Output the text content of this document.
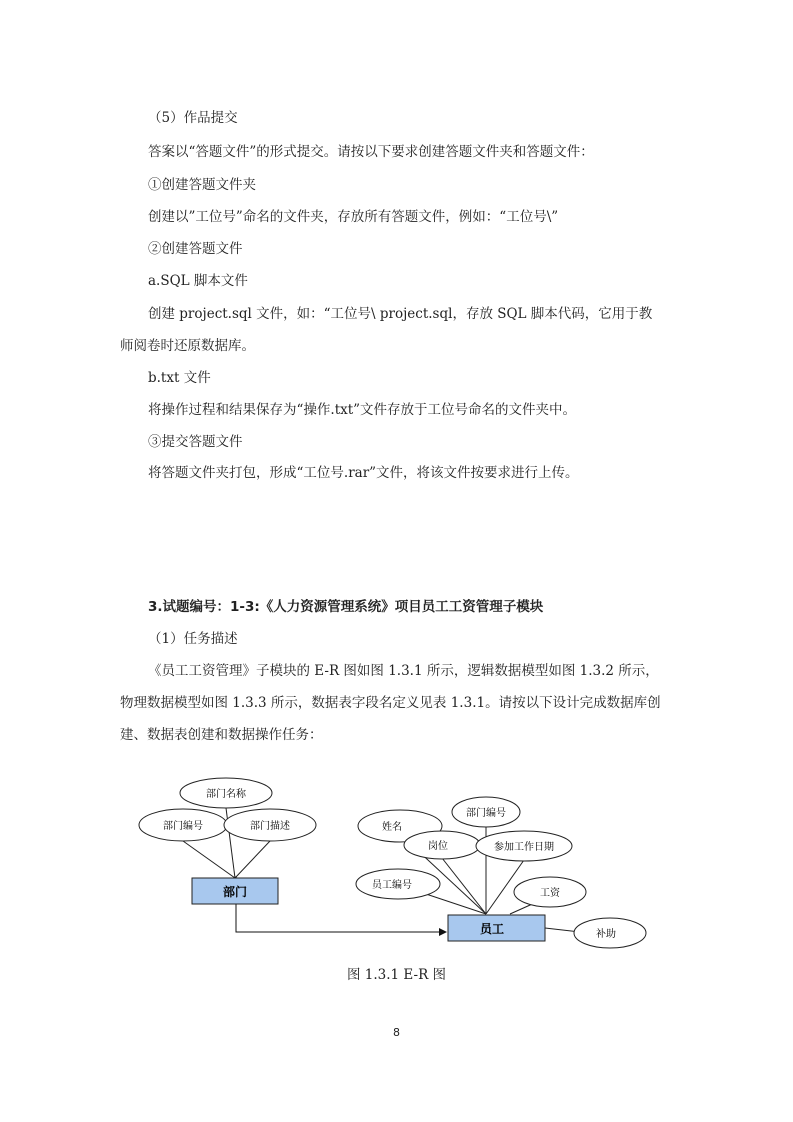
（5）作品提交
答案以“答题文件”的形式提交。请按以下要求创建答题文件夹和答题文件：
①创建答题文件夹
创建以”工位号”命名的文件夹，存放所有答题文件，例如：“工位号\”
②创建答题文件
a.SQL 脚本文件
创建 project.sql 文件，如：“工位号\ project.sql，存放 SQL 脚本代码，它用于教
师阅卷时还原数据库。
b.txt 文件
将操作过程和结果保存为“操作.txt”文件存放于工位号命名的文件夹中。
③提交答题文件
将答题文件夹打包，形成“工位号.rar”文件，将该文件按要求进行上传。
3.试题编号：1-3:《人力资源管理系统》项目员工工资管理子模块
（1）任务描述
《员工工资管理》子模块的 E-R 图如图 1.3.1 所示，逻辑数据模型如图 1.3.2 所示，
物理数据模型如图 1.3.3 所示，数据表字段名定义见表 1.3.1。请按以下设计完成数据库创
建、数据表创建和数据操作任务：
部门名称
部门编号	部门描述
部门
姓名
部门编号
岗位	参加工作日期
员工编号
工资
补助
员工
图 1.3.1 E-R 图
8
